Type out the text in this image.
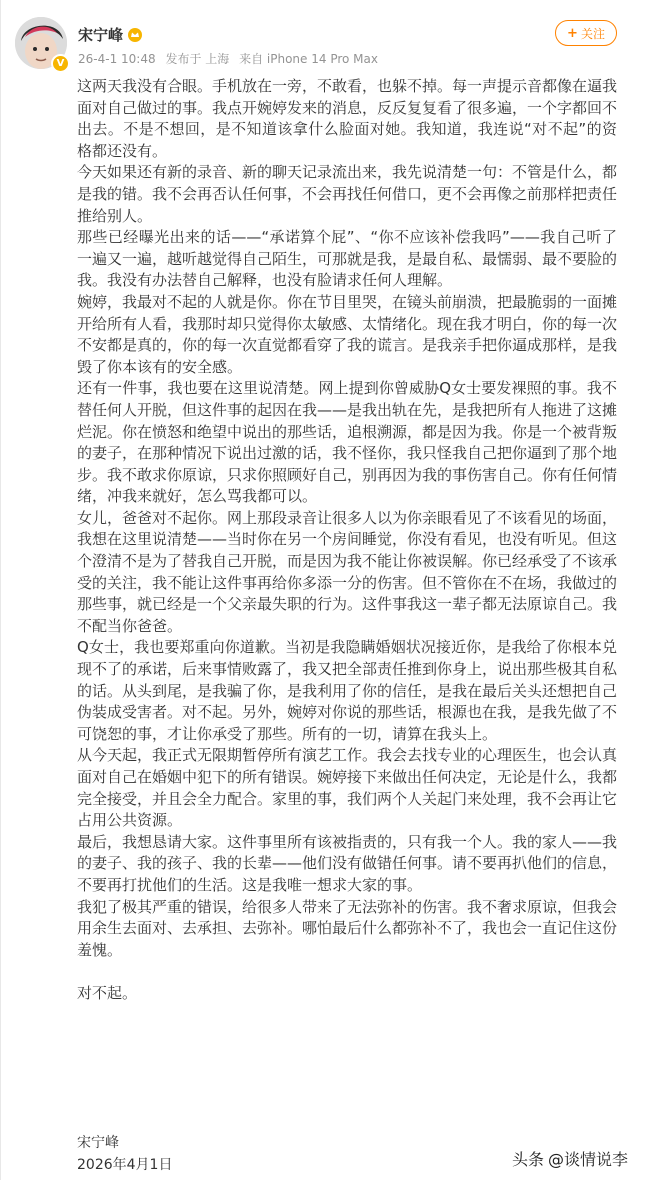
V
宋宁峰
26-4-1 10:48 发布于 上海 来自 iPhone 14 Pro Max
+ 关注

这两天我没有合眼。手机放在一旁，不敢看，也躲不掉。每一声提示音都像在逼我面对自己做过的事。我点开婉婷发来的消息，反反复复看了很多遍，一个字都回不出去。不是不想回，是不知道该拿什么脸面对她。我知道，我连说“对不起”的资格都还没有。

今天如果还有新的录音、新的聊天记录流出来，我先说清楚一句：不管是什么，都是我的错。我不会再否认任何事，不会再找任何借口，更不会再像之前那样把责任推给别人。

那些已经曝光出来的话——“承诺算个屁”、“你不应该补偿我吗”——我自己听了一遍又一遍，越听越觉得自己陌生，可那就是我，是最自私、最懦弱、最不要脸的我。我没有办法替自己解释，也没有脸请求任何人理解。

婉婷，我最对不起的人就是你。你在节目里哭，在镜头前崩溃，把最脆弱的一面摊开给所有人看，我那时却只觉得你太敏感、太情绪化。现在我才明白，你的每一次不安都是真的，你的每一次直觉都看穿了我的谎言。是我亲手把你逼成那样，是我毁了你本该有的安全感。

还有一件事，我也要在这里说清楚。网上提到你曾威胁Q女士要发裸照的事。我不替任何人开脱，但这件事的起因在我——是我出轨在先，是我把所有人拖进了这摊烂泥。你在愤怒和绝望中说出的那些话，追根溯源，都是因为我。你是一个被背叛的妻子，在那种情况下说出过激的话，我不怪你，我只怪我自己把你逼到了那个地步。我不敢求你原谅，只求你照顾好自己，别再因为我的事伤害自己。你有任何情绪，冲我来就好，怎么骂我都可以。

女儿，爸爸对不起你。网上那段录音让很多人以为你亲眼看见了不该看见的场面，我想在这里说清楚——当时你在另一个房间睡觉，你没有看见，也没有听见。但这个澄清不是为了替我自己开脱，而是因为我不能让你被误解。你已经承受了不该承受的关注，我不能让这件事再给你多添一分的伤害。但不管你在不在场，我做过的那些事，就已经是一个父亲最失职的行为。这件事我这一辈子都无法原谅自己。我不配当你爸爸。

Q女士，我也要郑重向你道歉。当初是我隐瞒婚姻状况接近你，是我给了你根本兑现不了的承诺，后来事情败露了，我又把全部责任推到你身上，说出那些极其自私的话。从头到尾，是我骗了你，是我利用了你的信任，是我在最后关头还想把自己伪装成受害者。对不起。另外，婉婷对你说的那些话，根源也在我，是我先做了不可饶恕的事，才让你承受了那些。所有的一切，请算在我头上。

从今天起，我正式无限期暂停所有演艺工作。我会去找专业的心理医生，也会认真面对自己在婚姻中犯下的所有错误。婉婷接下来做出任何决定，无论是什么，我都完全接受，并且会全力配合。家里的事，我们两个人关起门来处理，我不会再让它占用公共资源。

最后，我想恳请大家。这件事里所有该被指责的，只有我一个人。我的家人——我的妻子、我的孩子、我的长辈——他们没有做错任何事。请不要再扒他们的信息，不要再打扰他们的生活。这是我唯一想求大家的事。

我犯了极其严重的错误，给很多人带来了无法弥补的伤害。我不奢求原谅，但我会用余生去面对、去承担、去弥补。哪怕最后什么都弥补不了，我也会一直记住这份羞愧。

对不起。

宋宁峰
2026年4月1日	头条 @谈情说李
